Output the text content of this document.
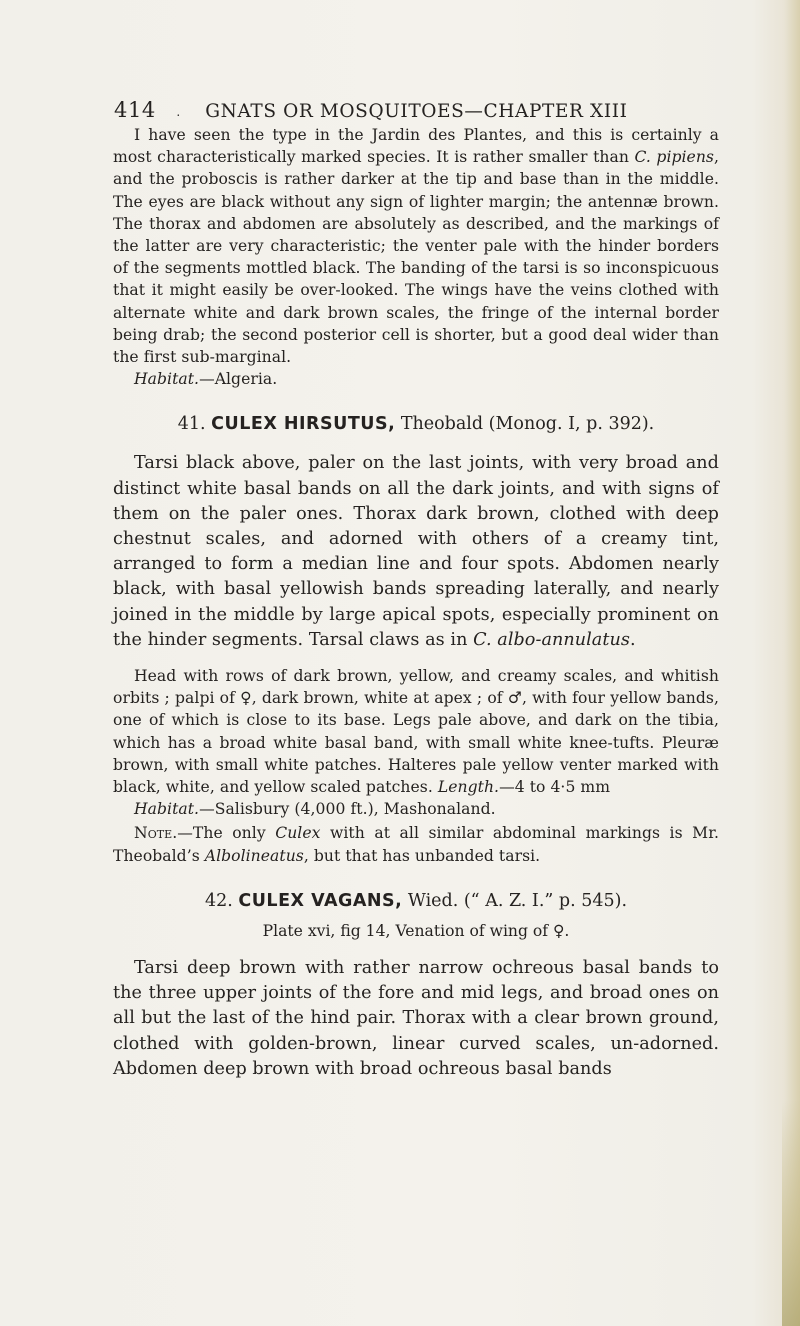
414 . GNATS OR MOSQUITOES—CHAPTER XIII

I have seen the type in the Jardin des Plantes, and this is certainly a most characteristically marked species. It is rather smaller than C. pipiens, and the proboscis is rather darker at the tip and base than in the middle. The eyes are black without any sign of lighter margin; the antennæ brown. The thorax and abdomen are absolutely as described, and the markings of the latter are very characteristic; the venter pale with the hinder borders of the segments mottled black. The banding of the tarsi is so inconspicuous that it might easily be over-looked. The wings have the veins clothed with alternate white and dark brown scales, the fringe of the internal border being drab; the second posterior cell is shorter, but a good deal wider than the first sub-marginal.

Habitat.—Algeria.

41. CULEX HIRSUTUS, Theobald (Monog. I, p. 392).

Tarsi black above, paler on the last joints, with very broad and distinct white basal bands on all the dark joints, and with signs of them on the paler ones. Thorax dark brown, clothed with deep chestnut scales, and adorned with others of a creamy tint, arranged to form a median line and four spots. Abdomen nearly black, with basal yellowish bands spreading laterally, and nearly joined in the middle by large apical spots, especially prominent on the hinder segments. Tarsal claws as in C. albo-annulatus.

Head with rows of dark brown, yellow, and creamy scales, and whitish orbits ; palpi of ♀, dark brown, white at apex ; of ♂, with four yellow bands, one of which is close to its base. Legs pale above, and dark on the tibia, which has a broad white basal band, with small white knee-tufts. Pleuræ brown, with small white patches. Halteres pale yellow venter marked with black, white, and yellow scaled patches. Length.—4 to 4·5 mm

Habitat.—Salisbury (4,000 ft.), Mashonaland.

Note.—The only Culex with at all similar abdominal markings is Mr. Theobald’s Albolineatus, but that has unbanded tarsi.

42. CULEX VAGANS, Wied. (“ A. Z. I.” p. 545).
Plate xvi, fig 14, Venation of wing of ♀.

Tarsi deep brown with rather narrow ochreous basal bands to the three upper joints of the fore and mid legs, and broad ones on all but the last of the hind pair. Thorax with a clear brown ground, clothed with golden-brown, linear curved scales, un-adorned. Abdomen deep brown with broad ochreous basal bands
